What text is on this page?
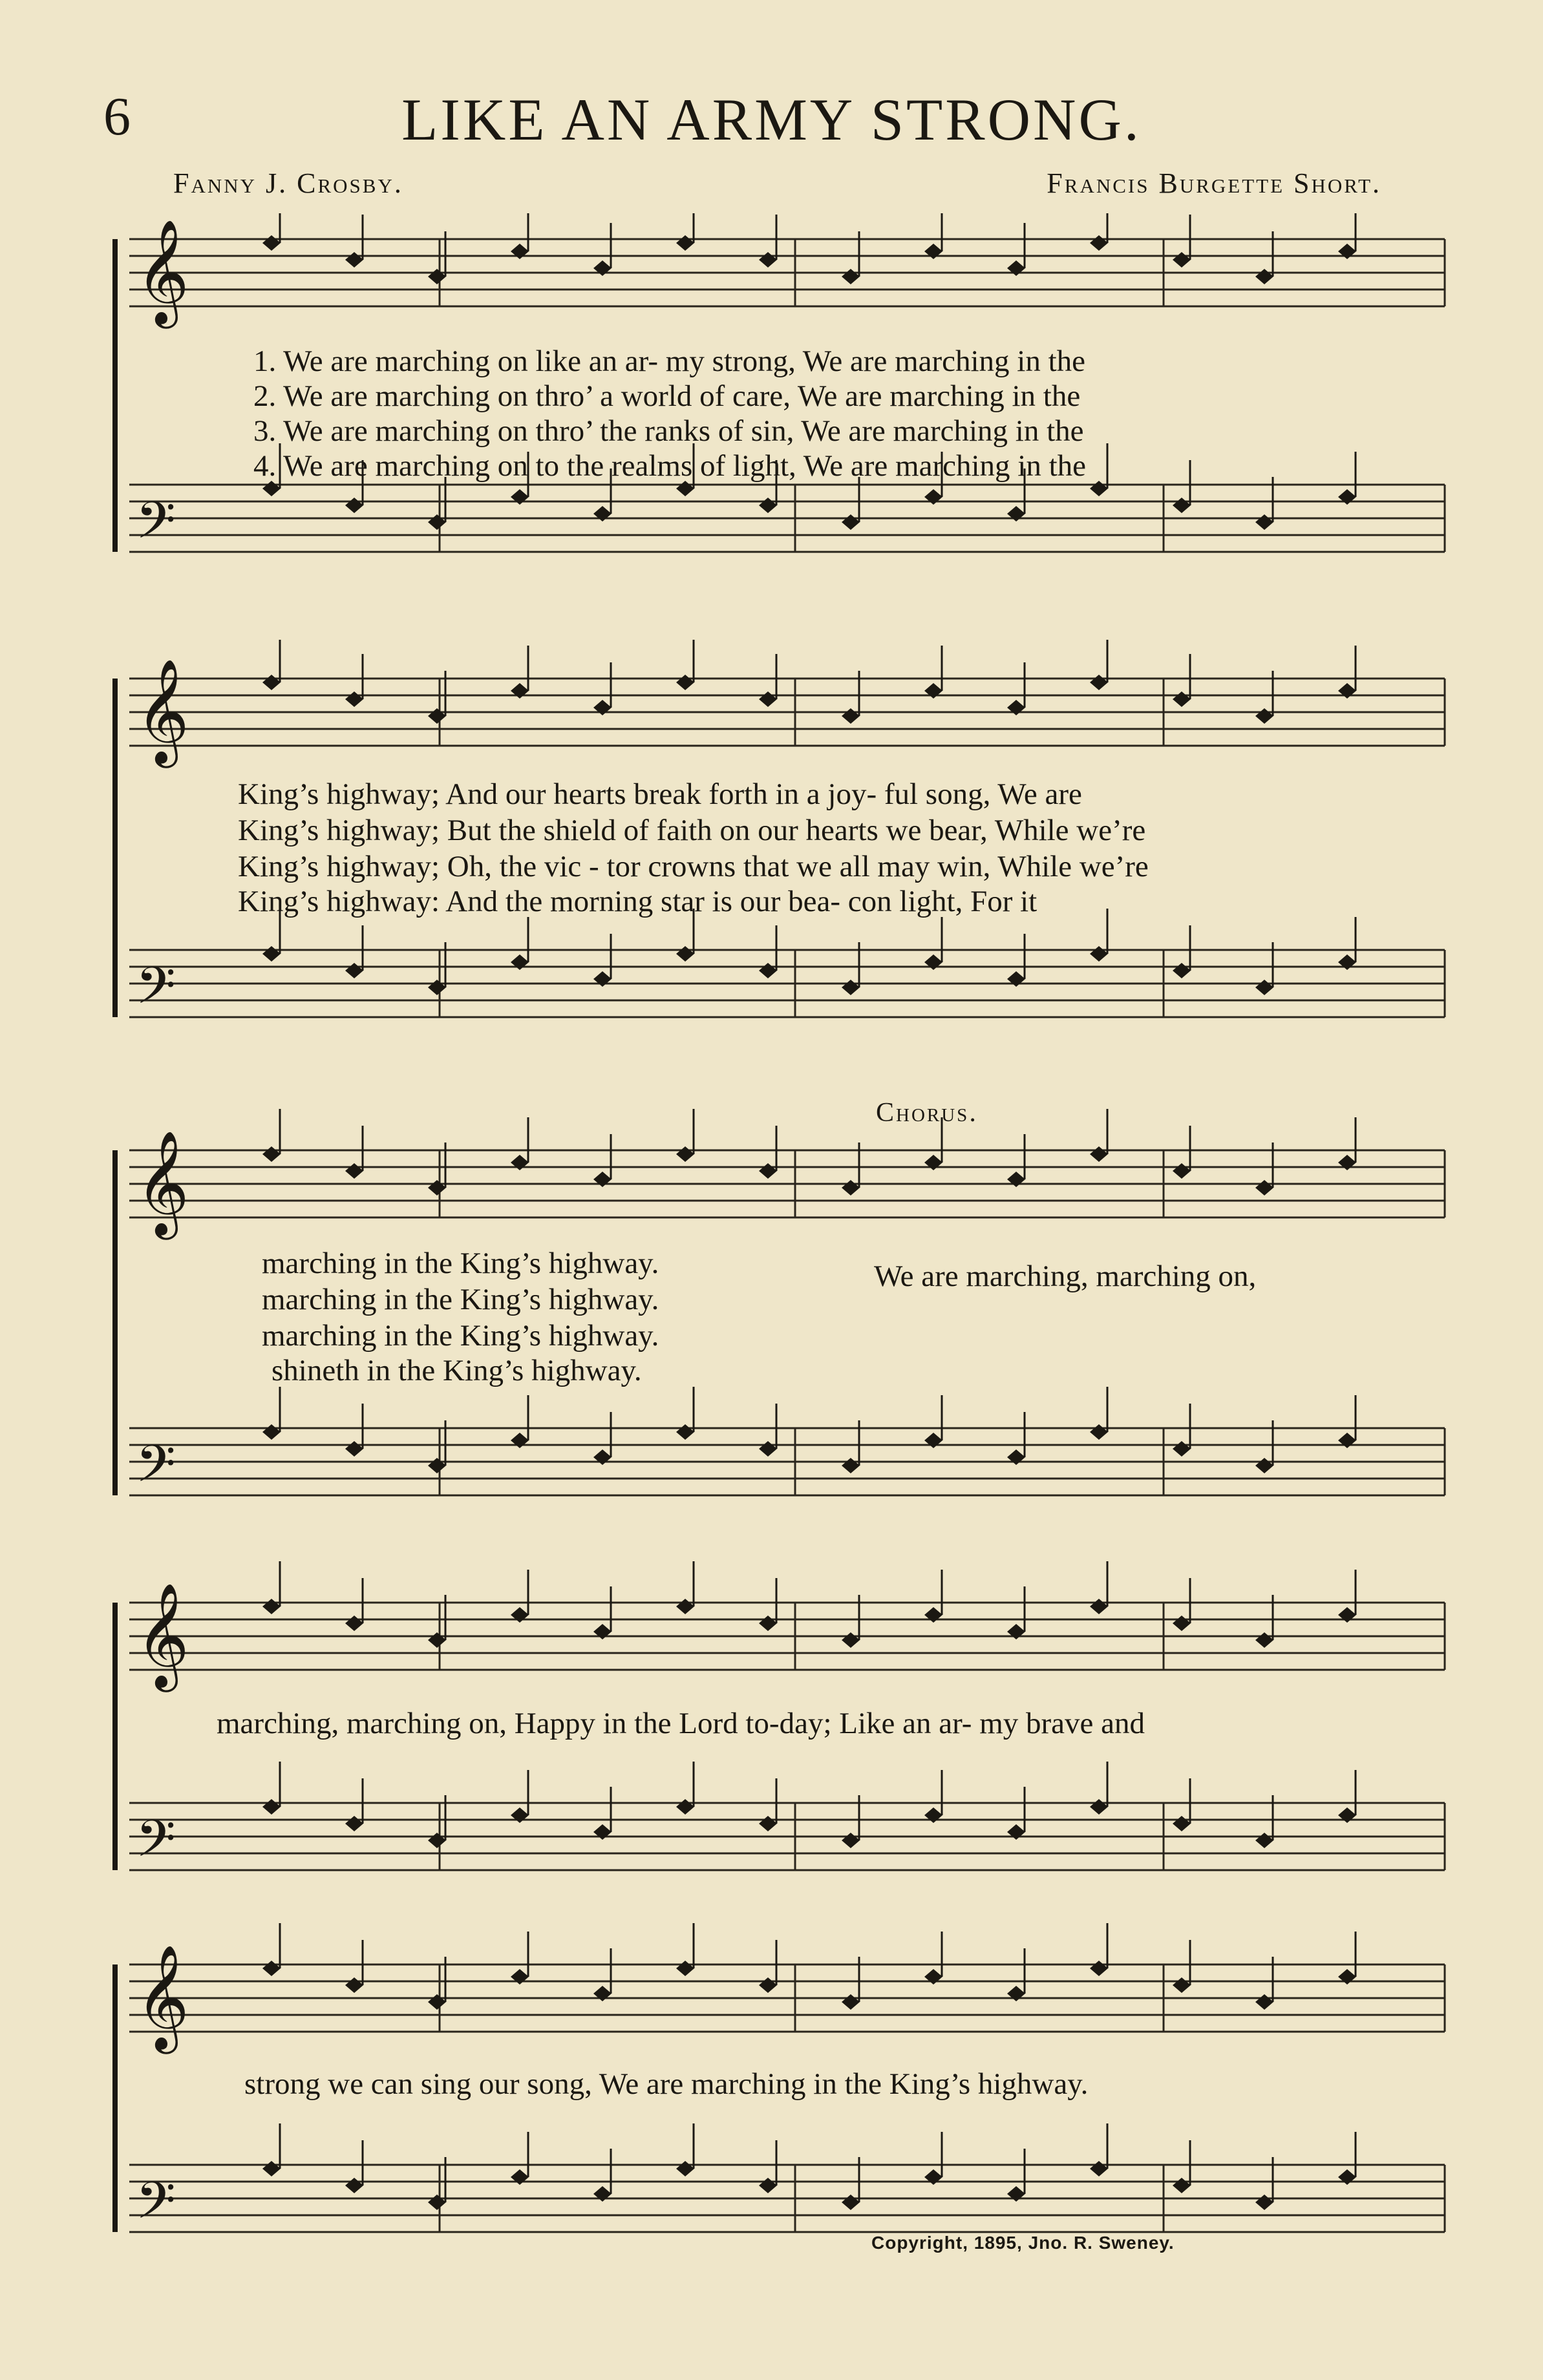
6	LIKE AN ARMY STRONG.
Fanny J. Crosby.	Francis Burgette Short.
𝄞
𝄢
1. We are marching on like an ar- my strong, We are marching in the
2. We are marching on thro’ a world of care, We are marching in the
3. We are marching on thro’ the ranks of sin, We are marching in the
4. We are marching on to the realms of light, We are marching in the
𝄞
𝄢
King’s highway; And our hearts break forth in a joy- ful song, We are
King’s highway; But the shield of faith on our hearts we bear, While we’re
King’s highway; Oh, the vic - tor crowns that we all may win, While we’re
King’s highway: And the morning star is our bea- con light, For it
𝄞
𝄢
Chorus.
marching in the King’s highway.
marching in the King’s highway.
marching in the King’s highway.
shineth in the King’s highway.
We are marching, marching on,
𝄞
𝄢
marching, marching on, Happy in the Lord to-day; Like an ar- my brave and
𝄞
𝄢
strong we can sing our song, We are marching in the King’s highway.
Copyright, 1895, Jno. R. Sweney.
